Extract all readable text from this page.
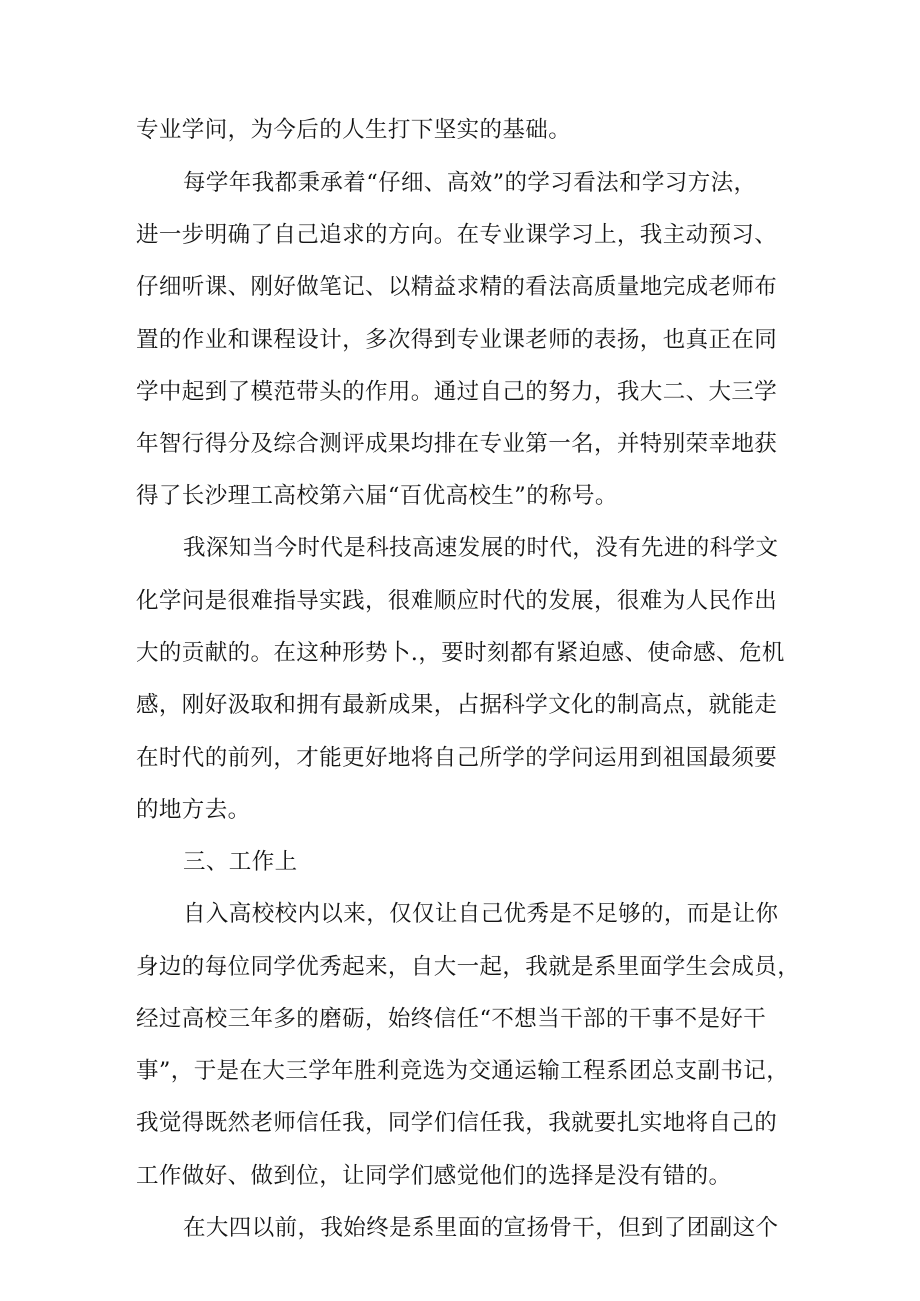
专业学问，为今后的人生打下坚实的基础。
每学年我都秉承着“仔细、高效”的学习看法和学习方法，
进一步明确了自己追求的方向。在专业课学习上，我主动预习、
仔细听课、刚好做笔记、以精益求精的看法高质量地完成老师布
置的作业和课程设计，多次得到专业课老师的表扬，也真正在同
学中起到了模范带头的作用。通过自己的努力，我大二、大三学
年智行得分及综合测评成果均排在专业第一名，并特别荣幸地获
得了长沙理工高校第六届“百优高校生”的称号。
我深知当今时代是科技高速发展的时代，没有先进的科学文
化学问是很难指导实践，很难顺应时代的发展，很难为人民作出
大的贡献的。在这种形势卜.，要时刻都有紧迫感、使命感、危机
感，刚好汲取和拥有最新成果，占据科学文化的制高点，就能走
在时代的前列，才能更好地将自己所学的学问运用到祖国最须要
的地方去。
三、工作上
自入高校校内以来，仅仅让自己优秀是不足够的，而是让你
身边的每位同学优秀起来，自大一起，我就是系里面学生会成员，
经过高校三年多的磨砺，始终信任“不想当干部的干事不是好干
事”，于是在大三学年胜利竞选为交通运输工程系团总支副书记，
我觉得既然老师信任我，同学们信任我，我就要扎实地将自己的
工作做好、做到位，让同学们感觉他们的选择是没有错的。
在大四以前，我始终是系里面的宣扬骨干，但到了团副这个
